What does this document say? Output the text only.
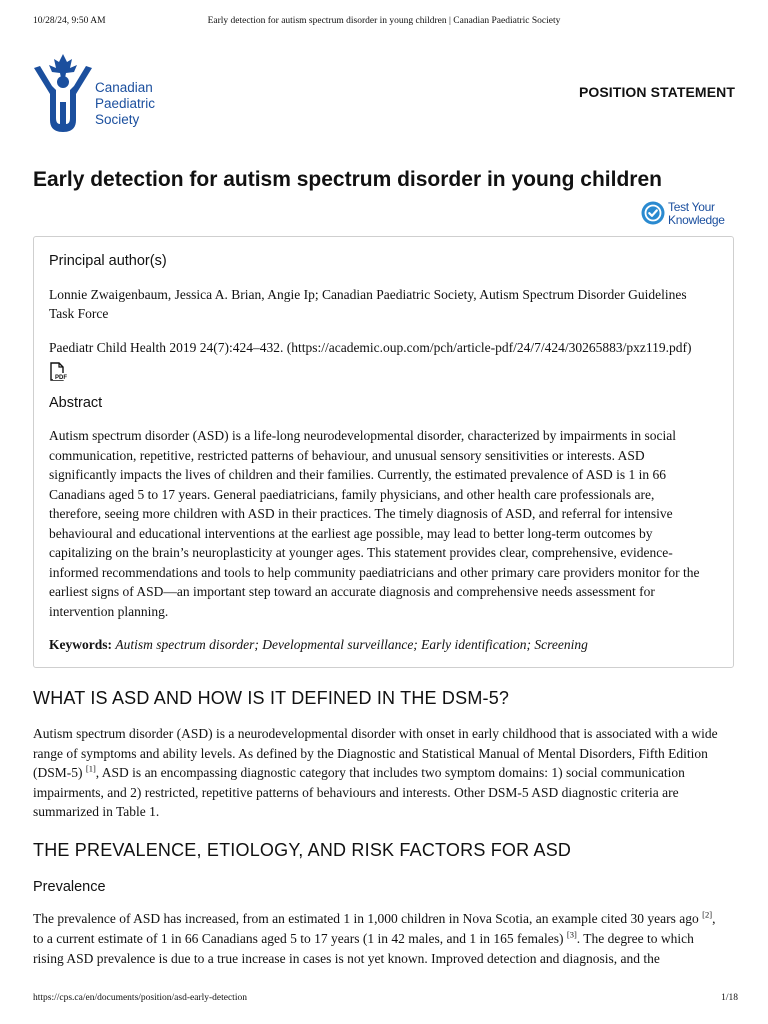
10/28/24, 9:50 AM	Early detection for autism spectrum disorder in young children | Canadian Paediatric Society
Canadian
Paediatric
Society
POSITION STATEMENT
Early detection for autism spectrum disorder in young children
Test Your
Knowledge
Principal author(s)
Lonnie Zwaigenbaum, Jessica A. Brian, Angie Ip; Canadian Paediatric Society, Autism Spectrum Disorder Guidelines
Task Force
Paediatr Child Health 2019 24(7):424–432. (https://academic.oup.com/pch/article-pdf/24/7/424/30265883/pxz119.pdf)
PDF
Abstract
Autism spectrum disorder (ASD) is a life-long neurodevelopmental disorder, characterized by impairments in social
communication, repetitive, restricted patterns of behaviour, and unusual sensory sensitivities or interests. ASD
significantly impacts the lives of children and their families. Currently, the estimated prevalence of ASD is 1 in 66
Canadians aged 5 to 17 years. General paediatricians, family physicians, and other health care professionals are,
therefore, seeing more children with ASD in their practices. The timely diagnosis of ASD, and referral for intensive
behavioural and educational interventions at the earliest age possible, may lead to better long-term outcomes by
capitalizing on the brain’s neuroplasticity at younger ages. This statement provides clear, comprehensive, evidence-
informed recommendations and tools to help community paediatricians and other primary care providers monitor for the
earliest signs of ASD—an important step toward an accurate diagnosis and comprehensive needs assessment for
intervention planning.
Keywords: Autism spectrum disorder; Developmental surveillance; Early identification; Screening
WHAT IS ASD AND HOW IS IT DEFINED IN THE DSM-5?
Autism spectrum disorder (ASD) is a neurodevelopmental disorder with onset in early childhood that is associated with a wide
range of symptoms and ability levels. As defined by the Diagnostic and Statistical Manual of Mental Disorders, Fifth Edition
(DSM-5) [1], ASD is an encompassing diagnostic category that includes two symptom domains: 1) social communication
impairments, and 2) restricted, repetitive patterns of behaviours and interests. Other DSM-5 ASD diagnostic criteria are
summarized in Table 1.
THE PREVALENCE, ETIOLOGY, AND RISK FACTORS FOR ASD
Prevalence
The prevalence of ASD has increased, from an estimated 1 in 1,000 children in Nova Scotia, an example cited 30 years ago [2],
to a current estimate of 1 in 66 Canadians aged 5 to 17 years (1 in 42 males, and 1 in 165 females) [3]. The degree to which
rising ASD prevalence is due to a true increase in cases is not yet known. Improved detection and diagnosis, and the
https://cps.ca/en/documents/position/asd-early-detection	1/18
